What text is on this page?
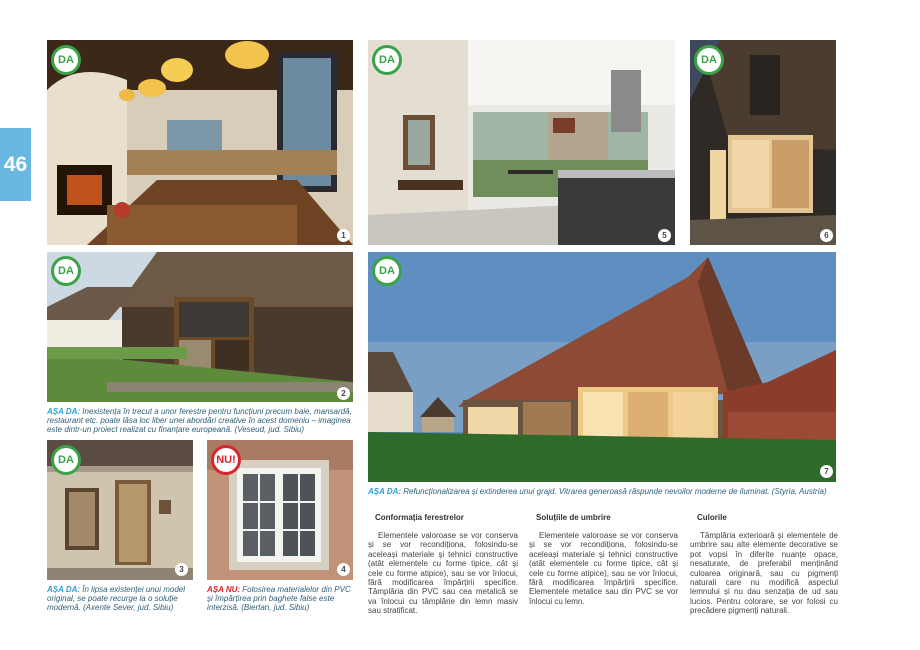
46
DA
1
DA
5
DA
6
DA
2
AȘA DA: Inexistența în trecut a unor ferestre pentru funcțiuni precum baie, mansardă, restaurant etc. poate lăsa loc liber unei abordări creative în acest domeniu – imaginea este dintr-un proiect realizat cu finanțare europeană. (Veseud, jud. Sibiu)
DA
7
AȘA DA: Refuncționalizarea și extinderea unui grajd. Vitrarea generoasă răspunde nevoilor moderne de iluminat. (Styria, Austria)
DA
3
NU!
4
AȘA DA: În lipsa existenței unui model original, se poate recurge la o soluție modernă. (Axente Sever, jud. Sibiu)
AȘA NU: Folosirea materialelor din PVC și împărțirea prin baghete false este interzisă. (Biertan, jud. Sibiu)
Conformația ferestrelor
Elementele valoroase se vor conserva și se vor recondiționa, folosindu-se aceleași materiale și tehnici constructive (atât elementele cu forme tipice, cât și cele cu forme atipice), sau se vor înlocui, fără modificarea împărțirii specifice. Tâmplăria din PVC sau cea metalică se va înlocui cu tâmplărie din lemn masiv sau stratificat.
Soluțiile de umbrire
Elementele valoroase se vor conserva și se vor recondiționa, folosindu-se aceleași materiale și tehnici constructive (atât elementele cu forme tipice, cât și cele cu forme atipice), sau se vor înlocui, fără modificarea împărțirii specifice. Elementele metalice sau din PVC se vor înlocui cu lemn.
Culorile
Tâmplăria exterioară și elementele de umbrire sau alte elemente decorative se pot vopsi în diferite nuanțe opace, nesaturate, de preferabil menținând culoarea originară, sau cu pigmenți naturali care nu modifică aspectul lemnului și nu dau senzația de ud sau lucios. Pentru colorare, se vor folosi cu precădere pigmenți naturali.
